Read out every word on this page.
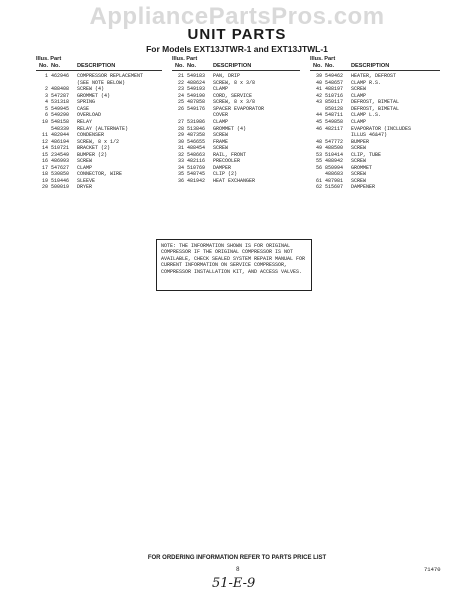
AppliancePartsPros.com
UNIT PARTS
For Models EXT13JTWR-1 and EXT13JTWL-1
Illus. Part
No. No.	DESCRIPTION
1 462946	COMPRESSOR REPLACEMENT
(SEE NOTE BELOW)
2 488408	SCREW (4)
3 547287	GROMMET (4)
4 531318	SPRING
5 549945	CASE
6 549290	OVERLOAD
10 548158	RELAY
548339	RELAY (ALTERNATE)
11 482044	CONDENSER
12 486194	SCREW, 8 x 1/2
14 510721	BRACKET (2)
15 234549	BUMPER (2)
16 486993	SCREW
17 547627	CLAMP
18 530850	CONNECTOR, WIRE
19 510446	SLEEVE
20 500019	DRYER
Illus. Part
No. No.	DESCRIPTION
21 549183	PAN, DRIP
22 488624	SCREW, 8 x 3/8
23 549193	CLAMP
24 549190	CORD, SERVICE
25 487858	SCREW, 8 x 3/8
26 549176	SPACER EVAPORATOR
COVER
27 531986	CLAMP
28 513846	GROMMET (4)
29 487358	SCREW
30 546655	FRAME
31 488454	SCREW
32 548663	RAIL, FRONT
33 482116	PRECOOLER
34 510769	DAMPER
35 548745	CLIP (2)
36 481942	HEAT EXCHANGER
Illus. Part
No. No.	DESCRIPTION
39 549462	HEATER, DEFROST
40 548657	CLAMP R.S.
41 488197	SCREW
42 510716	CLAMP
43 850117	DEFROST, BIMETAL
850128	DEFROST, BIMETAL
44 548711	CLAMP L.S.
45 549858	CLAMP
46 482117	EVAPORATOR (INCLUDES
ILLUS 46&47)
48 547772	BUMPER
49 488500	SCREW
53 510414	CLIP, TUBE
55 488942	SCREW
56 850994	GROMMET
488683	SCREW
61 487981	SCREW
62 515607	DAMPENER
NOTE: THE INFORMATION SHOWN IS FOR ORIGINAL COMPRESSOR IF THE ORIGINAL COMPRESSOR IS NOT AVAILABLE, CHECK SEALED SYSTEM REPAIR MANUAL FOR CURRENT INFORMATION ON SERVICE COMPRESSOR, COMPRESSOR INSTALLATION KIT, AND ACCESS VALVES.
FOR ORDERING INFORMATION REFER TO PARTS PRICE LIST
8	71470
51-E-9
